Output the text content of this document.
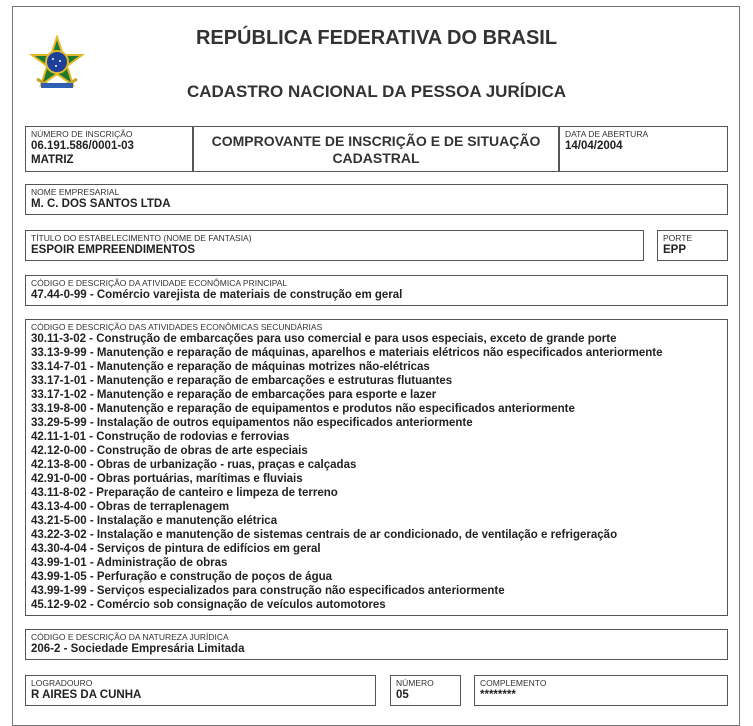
REPÚBLICA FEDERATIVA DO BRASIL
CADASTRO NACIONAL DA PESSOA JURÍDICA
NÚMERO DE INSCRIÇÃO
06.191.586/0001-03
MATRIZ
COMPROVANTE DE INSCRIÇÃO E DE SITUAÇÃO
CADASTRAL
DATA DE ABERTURA
14/04/2004
NOME EMPRESARIAL
M. C. DOS SANTOS LTDA
TÍTULO DO ESTABELECIMENTO (NOME DE FANTASIA)
ESPOIR EMPREENDIMENTOS
PORTE
EPP
CÓDIGO E DESCRIÇÃO DA ATIVIDADE ECONÔMICA PRINCIPAL
47.44-0-99 - Comércio varejista de materiais de construção em geral
CÓDIGO E DESCRIÇÃO DAS ATIVIDADES ECONÔMICAS SECUNDÁRIAS
30.11-3-02 - Construção de embarcações para uso comercial e para usos especiais, exceto de grande porte
33.13-9-99 - Manutenção e reparação de máquinas, aparelhos e materiais elétricos não especificados anteriormente
33.14-7-01 - Manutenção e reparação de máquinas motrizes não-elétricas
33.17-1-01 - Manutenção e reparação de embarcações e estruturas flutuantes
33.17-1-02 - Manutenção e reparação de embarcações para esporte e lazer
33.19-8-00 - Manutenção e reparação de equipamentos e produtos não especificados anteriormente
33.29-5-99 - Instalação de outros equipamentos não especificados anteriormente
42.11-1-01 - Construção de rodovias e ferrovias
42.12-0-00 - Construção de obras de arte especiais
42.13-8-00 - Obras de urbanização - ruas, praças e calçadas
42.91-0-00 - Obras portuárias, marítimas e fluviais
43.11-8-02 - Preparação de canteiro e limpeza de terreno
43.13-4-00 - Obras de terraplenagem
43.21-5-00 - Instalação e manutenção elétrica
43.22-3-02 - Instalação e manutenção de sistemas centrais de ar condicionado, de ventilação e refrigeração
43.30-4-04 - Serviços de pintura de edifícios em geral
43.99-1-01 - Administração de obras
43.99-1-05 - Perfuração e construção de poços de água
43.99-1-99 - Serviços especializados para construção não especificados anteriormente
45.12-9-02 - Comércio sob consignação de veículos automotores
CÓDIGO E DESCRIÇÃO DA NATUREZA JURÍDICA
206-2 - Sociedade Empresária Limitada
LOGRADOURO
R AIRES DA CUNHA
NÚMERO
05
COMPLEMENTO
********
